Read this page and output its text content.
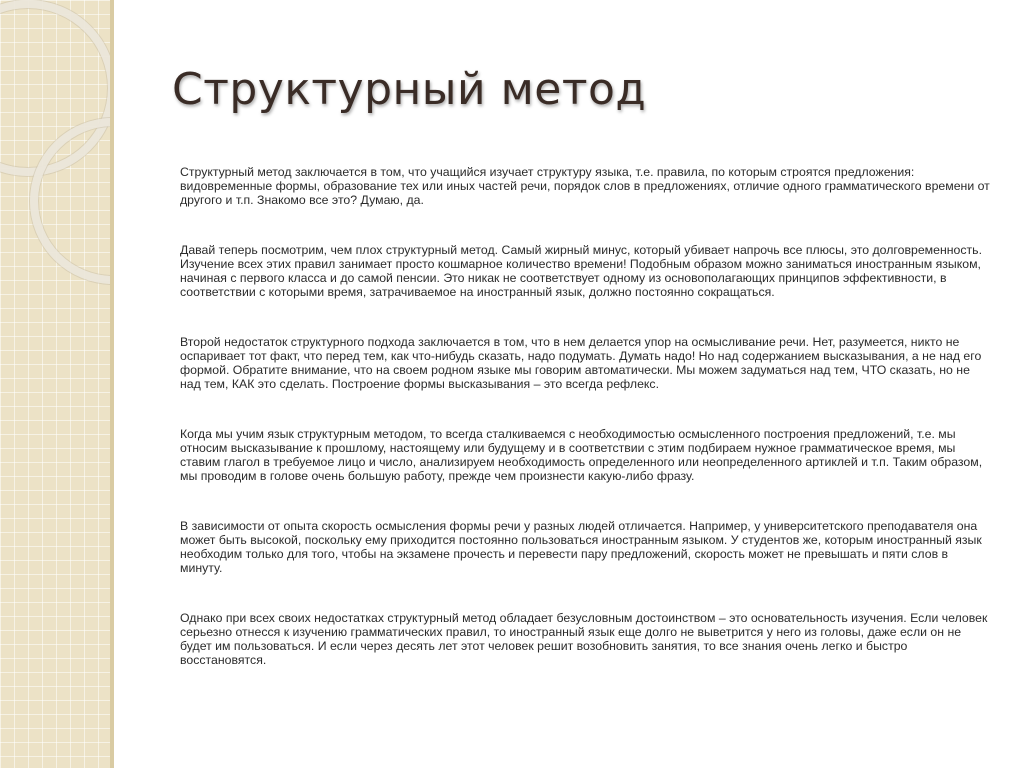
Структурный метод

Структурный метод заключается в том, что учащийся изучает структуру языка, т.е. правила, по которым строятся предложения: видовременные формы, образование тех или иных частей речи, порядок слов в предложениях, отличие одного грамматического времени от другого и т.п. Знакомо все это? Думаю, да.

Давай теперь посмотрим, чем плох структурный метод. Самый жирный минус, который убивает напрочь все плюсы, это долговременность. Изучение всех этих правил занимает просто кошмарное количество времени! Подобным образом можно заниматься иностранным языком, начиная с первого класса и до самой пенсии. Это никак не соответствует одному из основополагающих принципов эффективности, в соответствии с которыми время, затрачиваемое на иностранный язык, должно постоянно сокращаться.

Второй недостаток структурного подхода заключается в том, что в нем делается упор на осмысливание речи. Нет, разумеется, никто не оспаривает тот факт, что перед тем, как что-нибудь сказать, надо подумать. Думать надо! Но над содержанием высказывания, а не над его формой. Обратите внимание, что на своем родном языке мы говорим автоматически. Мы можем задуматься над тем, ЧТО сказать, но не над тем, КАК это сделать. Построение формы высказывания – это всегда рефлекс.

Когда мы учим язык структурным методом, то всегда сталкиваемся с необходимостью осмысленного построения предложений, т.е. мы относим высказывание к прошлому, настоящему или будущему и в соответствии с этим подбираем нужное грамматическое время, мы ставим глагол в требуемое лицо и число, анализируем необходимость определенного или неопределенного артиклей и т.п. Таким образом, мы проводим в голове очень большую работу, прежде чем произнести какую-либо фразу.

В зависимости от опыта скорость осмысления формы речи у разных людей отличается. Например, у университетского преподавателя она может быть высокой, поскольку ему приходится постоянно пользоваться иностранным языком. У студентов же, которым иностранный язык необходим только для того, чтобы на экзамене прочесть и перевести пару предложений, скорость может не превышать и пяти слов в минуту.

Однако при всех своих недостатках структурный метод обладает безусловным достоинством – это основательность изучения. Если человек серьезно отнесся к изучению грамматических правил, то иностранный язык еще долго не выветрится у него из головы, даже если он не будет им пользоваться. И если через десять лет этот человек решит возобновить занятия, то все знания очень легко и быстро восстановятся.
